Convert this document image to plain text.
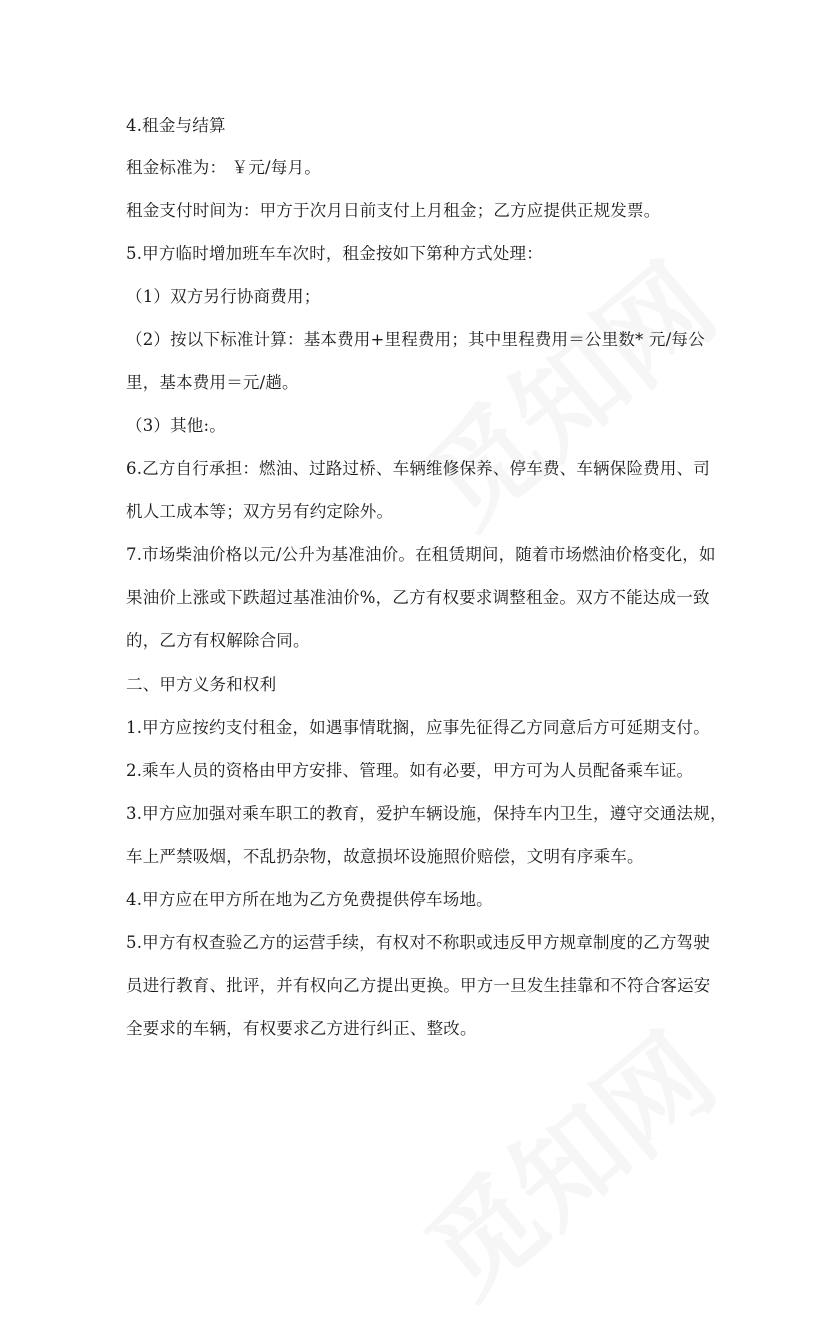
4.租金与结算
租金标准为： ￥元/每月。
租金支付时间为：甲方于次月日前支付上月租金；乙方应提供正规发票。
5.甲方临时增加班车车次时，租金按如下第种方式处理：
（1）双方另行协商费用；
（2）按以下标准计算：基本费用+里程费用；其中里程费用＝公里数* 元/每公
里，基本费用＝元/趟。
（3）其他:。
6.乙方自行承担：燃油、过路过桥、车辆维修保养、停车费、车辆保险费用、司
机人工成本等；双方另有约定除外。
7.市场柴油价格以元/公升为基准油价。在租赁期间，随着市场燃油价格变化，如
果油价上涨或下跌超过基准油价%，乙方有权要求调整租金。双方不能达成一致
的，乙方有权解除合同。
二、甲方义务和权利
1.甲方应按约支付租金，如遇事情耽搁，应事先征得乙方同意后方可延期支付。
2.乘车人员的资格由甲方安排、管理。如有必要，甲方可为人员配备乘车证。
3.甲方应加强对乘车职工的教育，爱护车辆设施，保持车内卫生，遵守交通法规，
车上严禁吸烟，不乱扔杂物，故意损坏设施照价赔偿，文明有序乘车。
4.甲方应在甲方所在地为乙方免费提供停车场地。
5.甲方有权查验乙方的运营手续，有权对不称职或违反甲方规章制度的乙方驾驶
员进行教育、批评，并有权向乙方提出更换。甲方一旦发生挂靠和不符合客运安
全要求的车辆，有权要求乙方进行纠正、整改。
